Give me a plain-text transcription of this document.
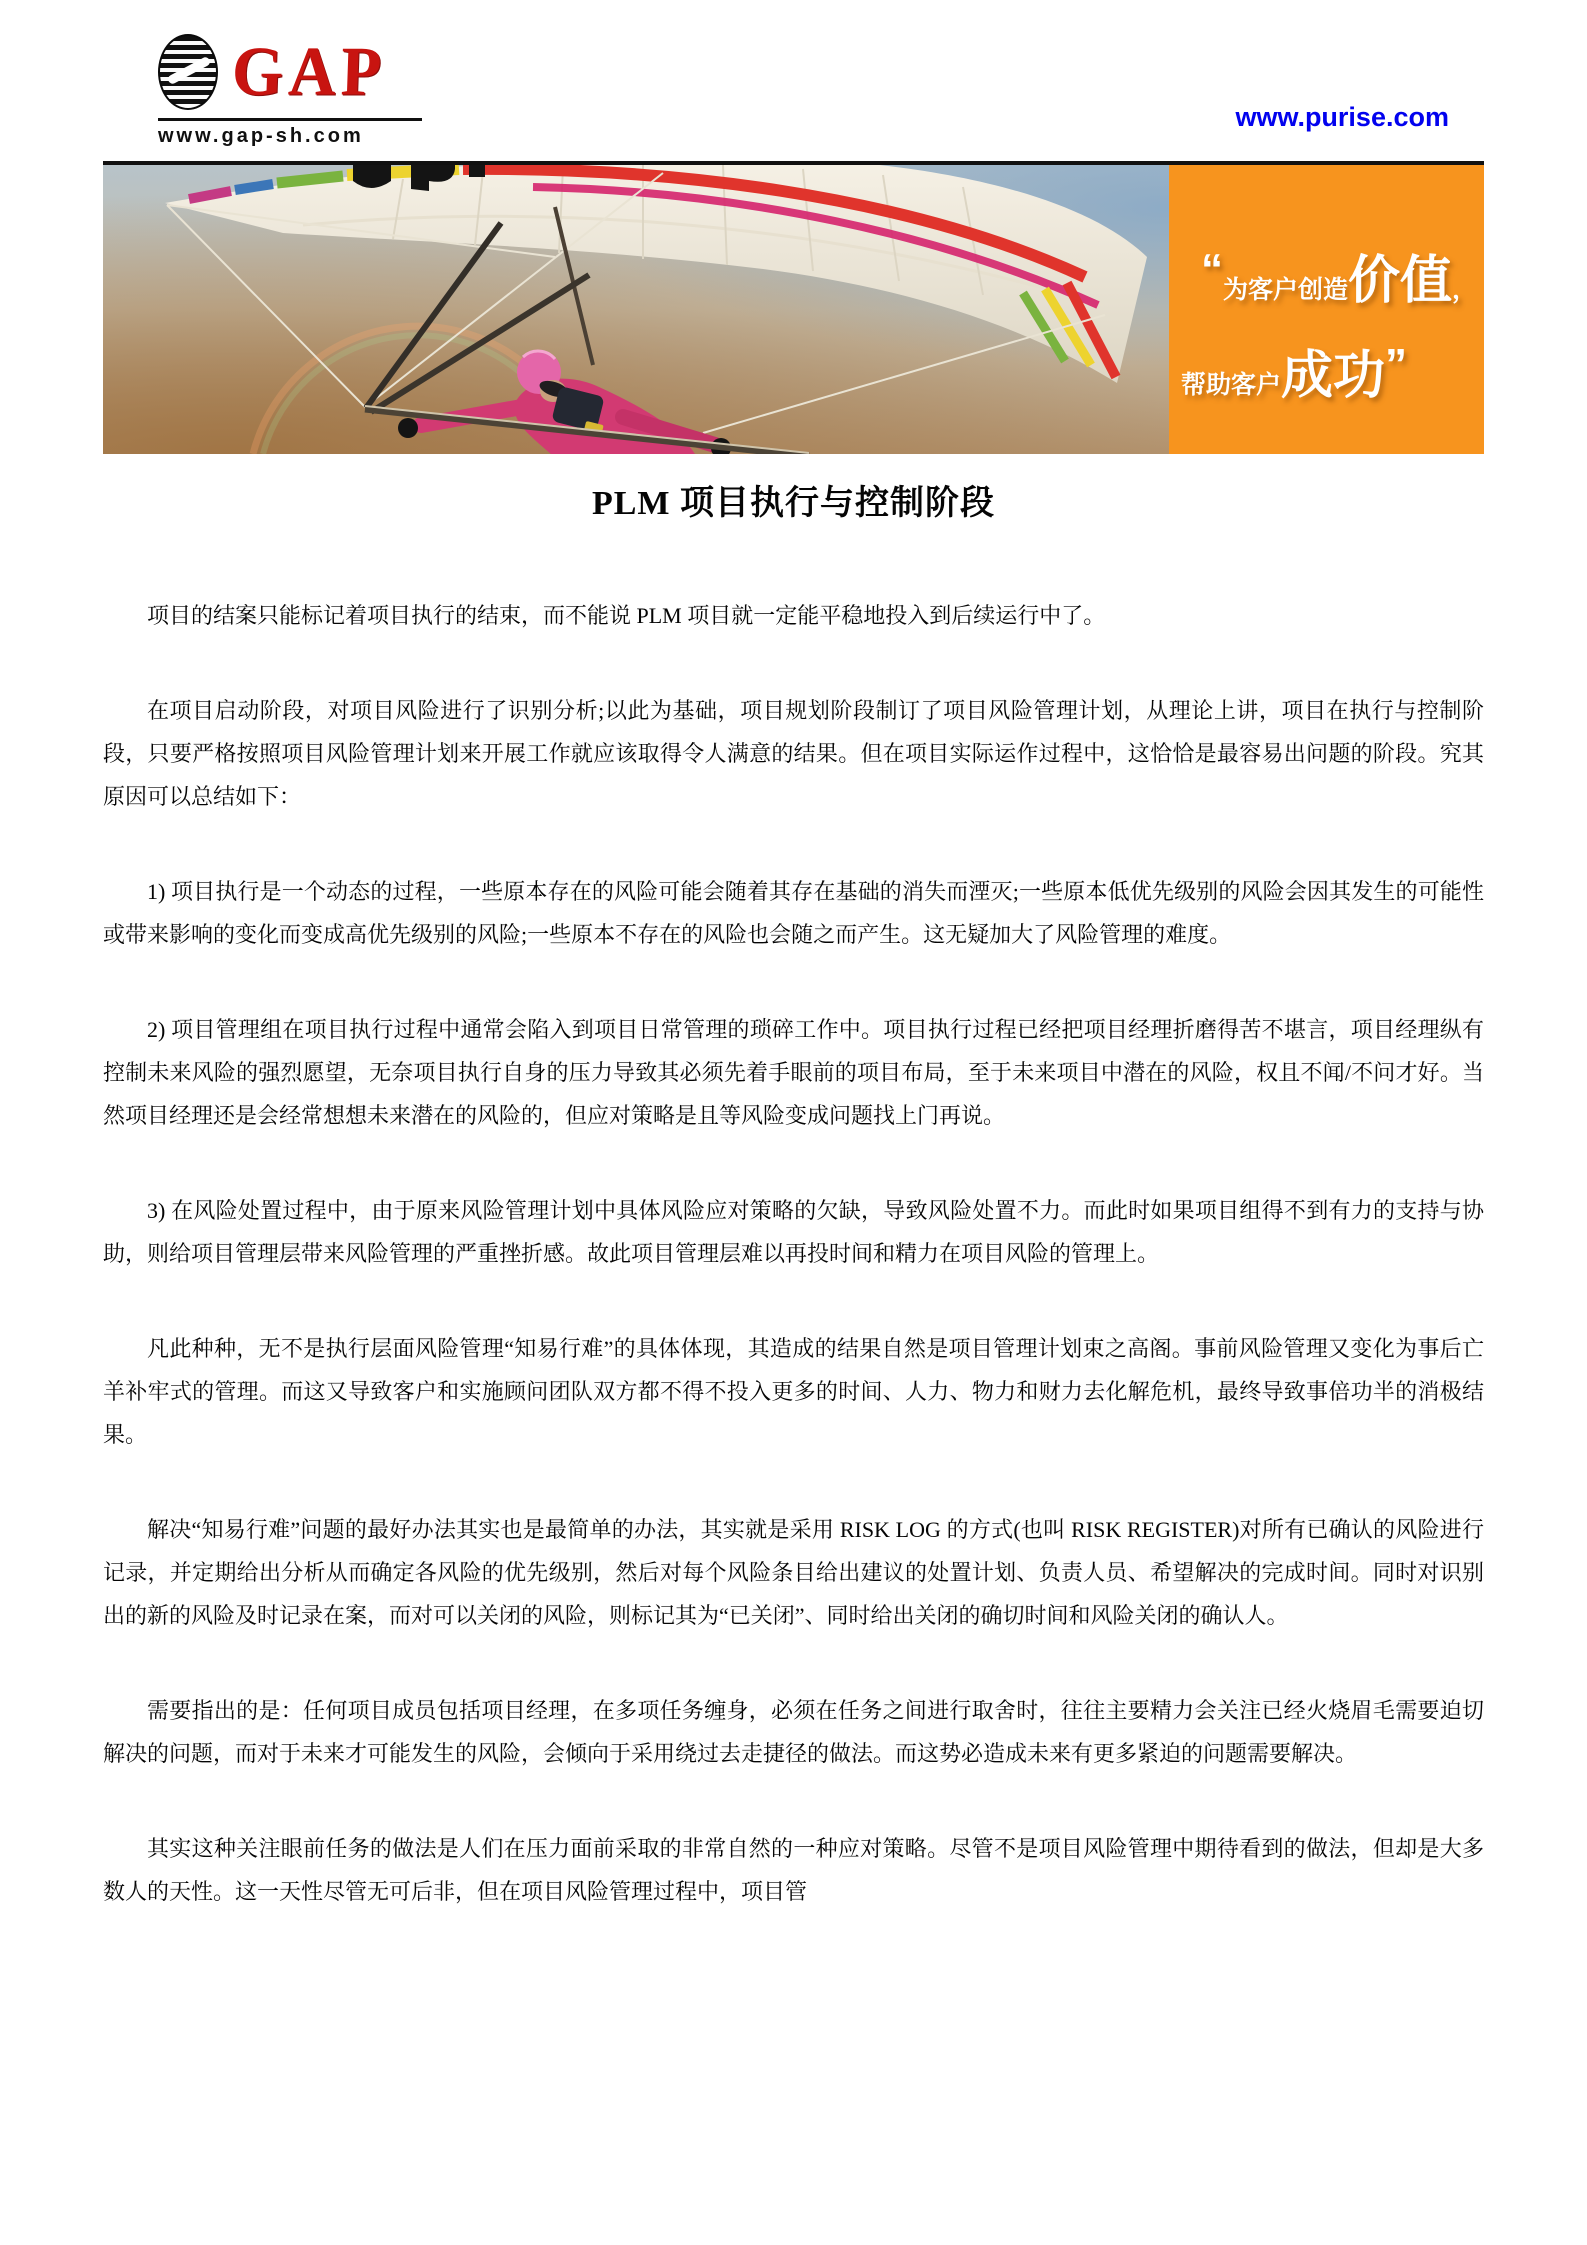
GAP
www.gap-sh.com
www.purise.com
“为客户创造价值，
帮助客户成功”
PLM 项目执行与控制阶段

项目的结案只能标记着项目执行的结束，而不能说 PLM 项目就一定能平稳地投入到后续运行中了。

在项目启动阶段，对项目风险进行了识别分析;以此为基础，项目规划阶段制订了项目风险管理计划，从理论上讲，项目在执行与控制阶段，只要严格按照项目风险管理计划来开展工作就应该取得令人满意的结果。但在项目实际运作过程中，这恰恰是最容易出问题的阶段。究其原因可以总结如下：

1) 项目执行是一个动态的过程，一些原本存在的风险可能会随着其存在基础的消失而湮灭;一些原本低优先级别的风险会因其发生的可能性或带来影响的变化而变成高优先级别的风险;一些原本不存在的风险也会随之而产生。这无疑加大了风险管理的难度。

2) 项目管理组在项目执行过程中通常会陷入到项目日常管理的琐碎工作中。项目执行过程已经把项目经理折磨得苦不堪言，项目经理纵有控制未来风险的强烈愿望，无奈项目执行自身的压力导致其必须先着手眼前的项目布局，至于未来项目中潜在的风险，权且不闻/不问才好。当然项目经理还是会经常想想未来潜在的风险的，但应对策略是且等风险变成问题找上门再说。

3) 在风险处置过程中，由于原来风险管理计划中具体风险应对策略的欠缺，导致风险处置不力。而此时如果项目组得不到有力的支持与协助，则给项目管理层带来风险管理的严重挫折感。故此项目管理层难以再投时间和精力在项目风险的管理上。

凡此种种，无不是执行层面风险管理“知易行难”的具体体现，其造成的结果自然是项目管理计划束之高阁。事前风险管理又变化为事后亡羊补牢式的管理。而这又导致客户和实施顾问团队双方都不得不投入更多的时间、人力、物力和财力去化解危机，最终导致事倍功半的消极结果。

解决“知易行难”问题的最好办法其实也是最简单的办法，其实就是采用 RISK LOG 的方式(也叫 RISK REGISTER)对所有已确认的风险进行记录，并定期给出分析从而确定各风险的优先级别，然后对每个风险条目给出建议的处置计划、负责人员、希望解决的完成时间。同时对识别出的新的风险及时记录在案，而对可以关闭的风险，则标记其为“已关闭”、同时给出关闭的确切时间和风险关闭的确认人。

需要指出的是：任何项目成员包括项目经理，在多项任务缠身，必须在任务之间进行取舍时，往往主要精力会关注已经火烧眉毛需要迫切解决的问题，而对于未来才可能发生的风险，会倾向于采用绕过去走捷径的做法。而这势必造成未来有更多紧迫的问题需要解决。

其实这种关注眼前任务的做法是人们在压力面前采取的非常自然的一种应对策略。尽管不是项目风险管理中期待看到的做法，但却是大多数人的天性。这一天性尽管无可后非，但在项目风险管理过程中，项目管
